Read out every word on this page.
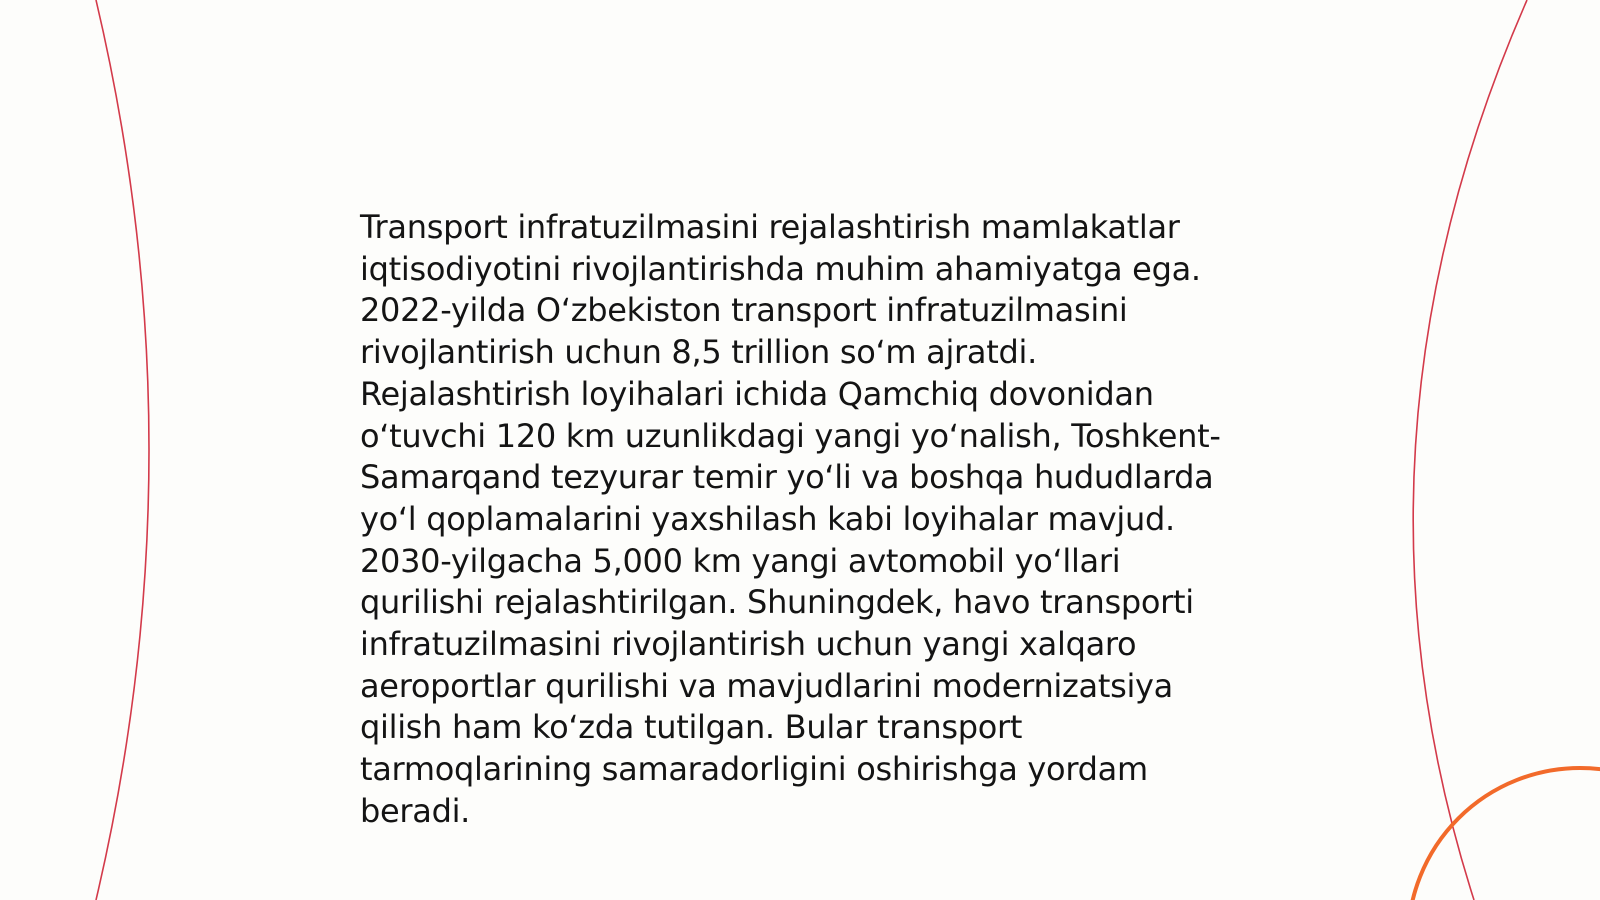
Transport infratuzilmasini rejalashtirish mamlakatlar
iqtisodiyotini rivojlantirishda muhim ahamiyatga ega.
2022-yilda O‘zbekiston transport infratuzilmasini
rivojlantirish uchun 8,5 trillion so‘m ajratdi.
Rejalashtirish loyihalari ichida Qamchiq dovonidan
o‘tuvchi 120 km uzunlikdagi yangi yo‘nalish, Toshkent-
Samarqand tezyurar temir yo‘li va boshqa hududlarda
yo‘l qoplamalarini yaxshilash kabi loyihalar mavjud.
2030-yilgacha 5,000 km yangi avtomobil yo‘llari
qurilishi rejalashtirilgan. Shuningdek, havo transporti
infratuzilmasini rivojlantirish uchun yangi xalqaro
aeroportlar qurilishi va mavjudlarini modernizatsiya
qilish ham ko‘zda tutilgan. Bular transport
tarmoqlarining samaradorligini oshirishga yordam
beradi.
